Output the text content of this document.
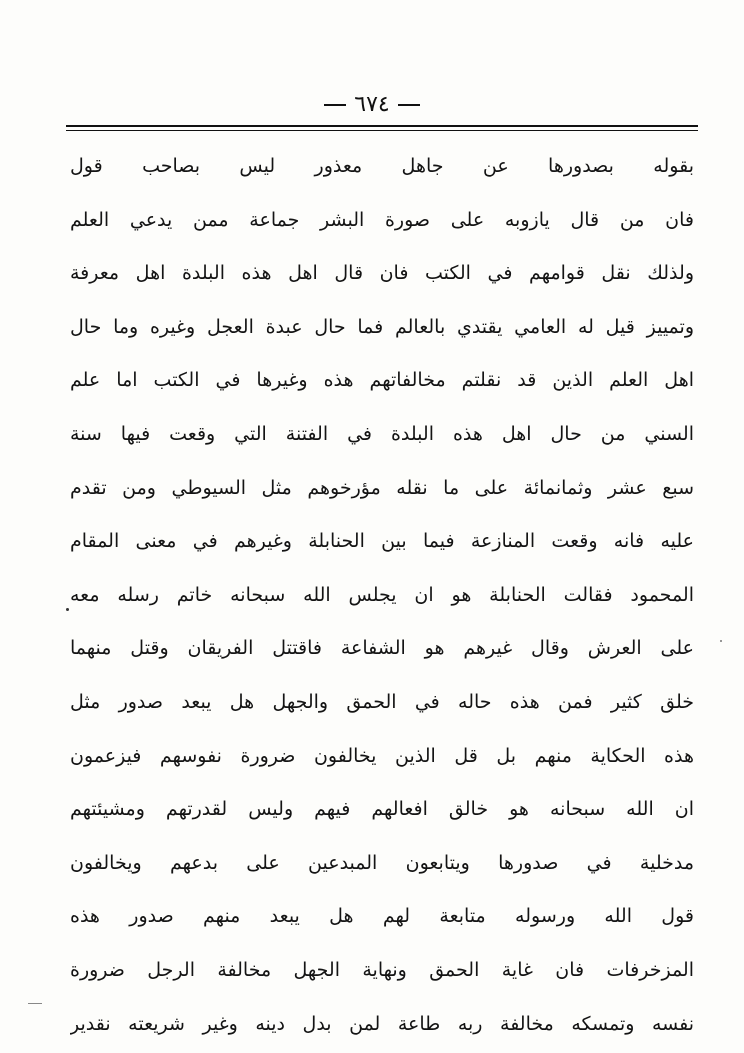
٦٧٤
بقوله بصدورها عن جاهل معذور ليس بصاحب قول
فان من قال يازوبه على صورة البشر جماعة ممن يدعي العلم
ولذلك نقل قوامهم في الكتب فان قال اهل هذه البلدة اهل معرفة
وتمييز قيل له العامي يقتدي بالعالم فما حال عبدة العجل وغيره وما حال
اهل العلم الذين قد نقلتم مخالفاتهم هذه وغيرها في الكتب اما علم
السني من حال اهل هذه البلدة في الفتنة التي وقعت فيها سنة
سبع عشر وثمانمائة على ما نقله مؤرخوهم مثل السيوطي ومن تقدم
عليه فانه وقعت المنازعة فيما بين الحنابلة وغيرهم في معنى المقام
المحمود فقالت الحنابلة هو ان يجلس الله سبحانه خاتم رسله معه
على العرش وقال غيرهم هو الشفاعة فاقتتل الفريقان وقتل منهما
خلق كثير فمن هذه حاله في الحمق والجهل هل يبعد صدور مثل
هذه الحكاية منهم بل قل الذين يخالفون ضرورة نفوسهم فيزعمون
ان الله سبحانه هو خالق افعالهم فيهم وليس لقدرتهم ومشيئتهم
مدخلية في صدورها ويتابعون المبدعين على بدعهم ويخالفون
قول الله ورسوله متابعة لهم هل يبعد منهم صدور هذه
المزخرفات فان غاية الحمق ونهاية الجهل مخالفة الرجل ضرورة
نفسه وتمسكه مخالفة ربه طاعة لمن بدل دينه وغير شريعته نقدير
